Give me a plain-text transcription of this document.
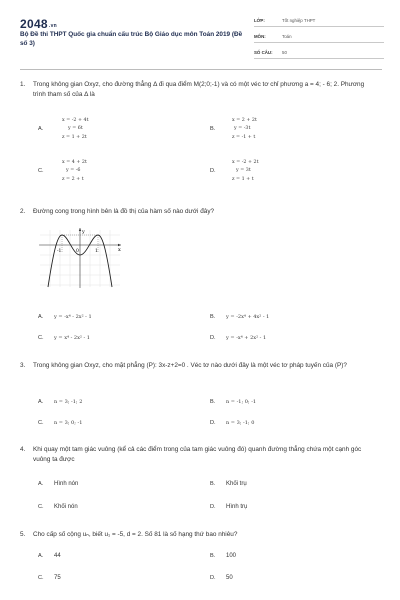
2048.vn
Bộ Đề thi THPT Quốc gia chuẩn cấu trúc Bộ Giáo dục môn Toán 2019 (Đề số 3)
LỚP:	Tốt nghiệp THPT
MÔN:	Toán
SỐ CÂU: 50
1. Trong không gian Oxyz, cho đường thẳng Δ đi qua điểm M(2;0;-1) và có một véc tơ chỉ phương a = 4; - 6; 2. Phương trình tham số của Δ là
A.
x = -2 + 4t
y = 6t
z = 1 + 2t
B.
x = 2 + 2t
y = -3t
z = -1 + t
C.
x = 4 + 2t
y = -6
z = 2 + t
D.
x = -2 + 2t
y = 3t
z = 1 + t
2. Đường cong trong hình bên là đồ thị của hàm số nào dưới đây?
y
x
-1	0	1
A. y = -x⁴ - 2x² - 1	B. y = -2x⁴ + 4x² - 1
C. y = x⁴ - 2x² - 1	D. y = -x⁴ + 2x² - 1
3. Trong không gian Oxyz, cho mặt phẳng (P): 3x-z+2=0 . Véc tơ nào dưới đây là một véc tơ pháp tuyến của (P)?
A. n = 3; -1; 2	B. n = -1; 0; -1
C. n = 3; 0; -1	D. n = 3; -1; 0
4. Khi quay một tam giác vuông (kể cả các điểm trong của tam giác vuông đó) quanh đường thẳng chứa một cạnh góc vuông ta được
A. Hình nón	B. Khối trụ
C. Khối nón	D. Hình trụ
5. Cho cấp số cộng uₙ, biết u₁ = -5, d = 2. Số 81 là số hạng thứ bao nhiêu?
A. 44	B. 100
C. 75	D. 50
